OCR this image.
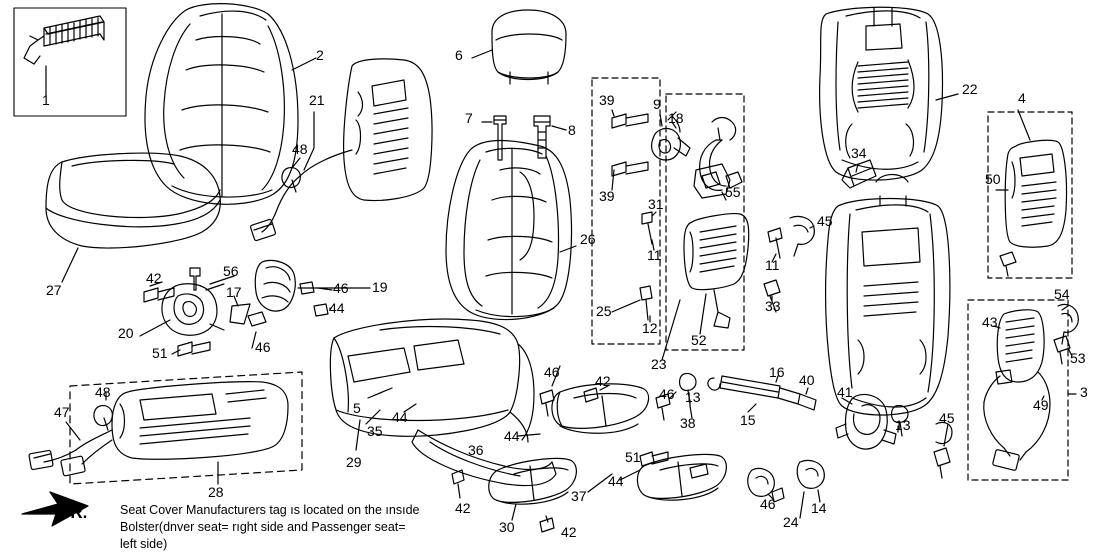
1
2
3
4
5
6
7
8
9
11
11
12
13
13
14
15
16
17
18
19
20
21
22
23
24
25
26
27
28
29
30
31
33
34
35
36
37
38
39
39
40
41
42
42
42
42
43
44
44
44
44
45
45
46
46
46
46
46
47
48
48
49
50
51
51
52
53
54
55
56
Seat Cover Manufacturers tag ıs located on the ınsıde
Bolster(dnver seat= rıght side and Passenger seat=
left side)
FR.
